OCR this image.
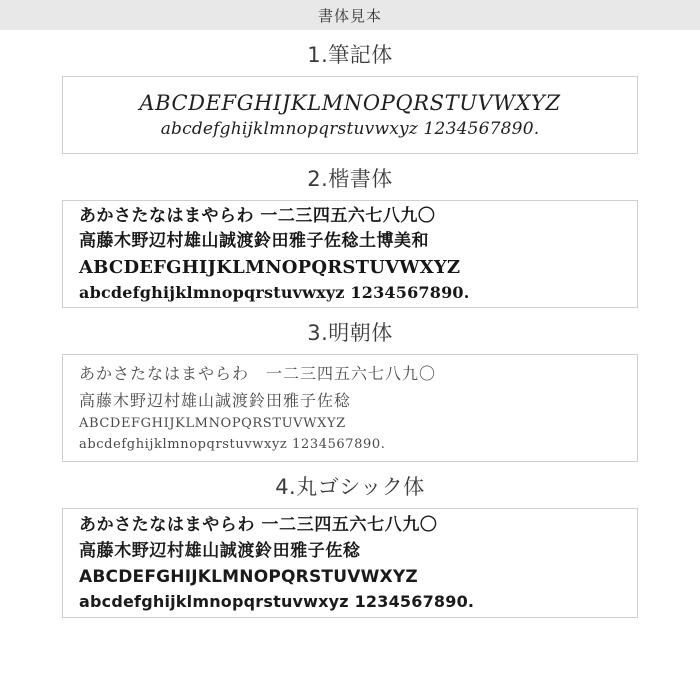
書体見本
1.筆記体
ABCDEFGHIJKLMNOPQRSTUVWXYZ
abcdefghijklmnopqrstuvwxyz 1234567890.
2.楷書体
あかさたなはまやらわ 一二三四五六七八九〇
高藤木野辺村雄山誠渡鈴田雅子佐稔土博美和
ABCDEFGHIJKLMNOPQRSTUVWXYZ
abcdefghijklmnopqrstuvwxyz 1234567890.
3.明朝体
あかさたなはまやらわ　一二三四五六七八九〇
高藤木野辺村雄山誠渡鈴田雅子佐稔
ABCDEFGHIJKLMNOPQRSTUVWXYZ
abcdefghijklmnopqrstuvwxyz 1234567890.
4.丸ゴシック体
あかさたなはまやらわ 一二三四五六七八九〇
高藤木野辺村雄山誠渡鈴田雅子佐稔
ABCDEFGHIJKLMNOPQRSTUVWXYZ
abcdefghijklmnopqrstuvwxyz 1234567890.
